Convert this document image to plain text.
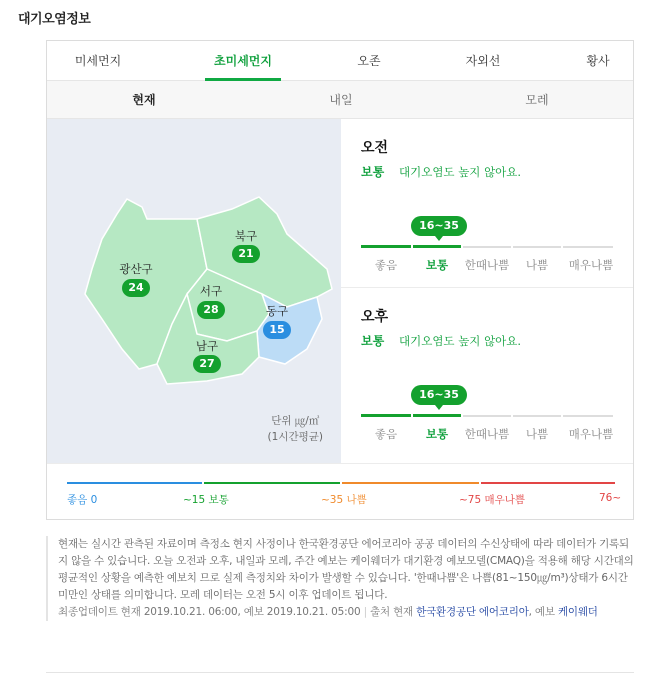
대기오염정보
미세먼지	초미세먼지	오존	자외선	황사
현재	내일	모레
광산구
24
북구
21
서구
28	동구
15
남구
27
단위 ㎍/㎥
(1시간평균)
오전
보통 대기오염도 높지 않아요.
16~35
좋음	보통 한때나쁨 나쁨 매우나쁨
오후
보통 대기오염도 높지 않아요.
16~35
좋음	보통 한때나쁨 나쁨 매우나쁨
좋음 0	~15 보통	~35 나쁨	~75 매우나쁨	76~
현재는 실시간 관측된 자료이며 측정소 현지 사정이나 한국환경공단 에어코리아 공공 데이터의 수신상태에 따라 데이터가 기록되지 않을 수 있습니다. 오늘 오전과 오후, 내일과 모레, 주간 예보는 케이웨더가 대기환경 예보모델(CMAQ)을 적용해 해당 시간대의 평균적인 상황을 예측한 예보치 므로 실제 측정치와 차이가 발생할 수 있습니다. '한때나쁨'은 나쁨(81~150㎍/m³)상태가 6시간 미만인 상태를 의미합니다. 모레 데이터는 오전 5시 이후 업데이트 됩니다.
최종업데이트 현재 2019.10.21. 06:00, 예보 2019.10.21. 05:00 | 출처 현재 한국환경공단 에어코리아, 예보 케이웨더
